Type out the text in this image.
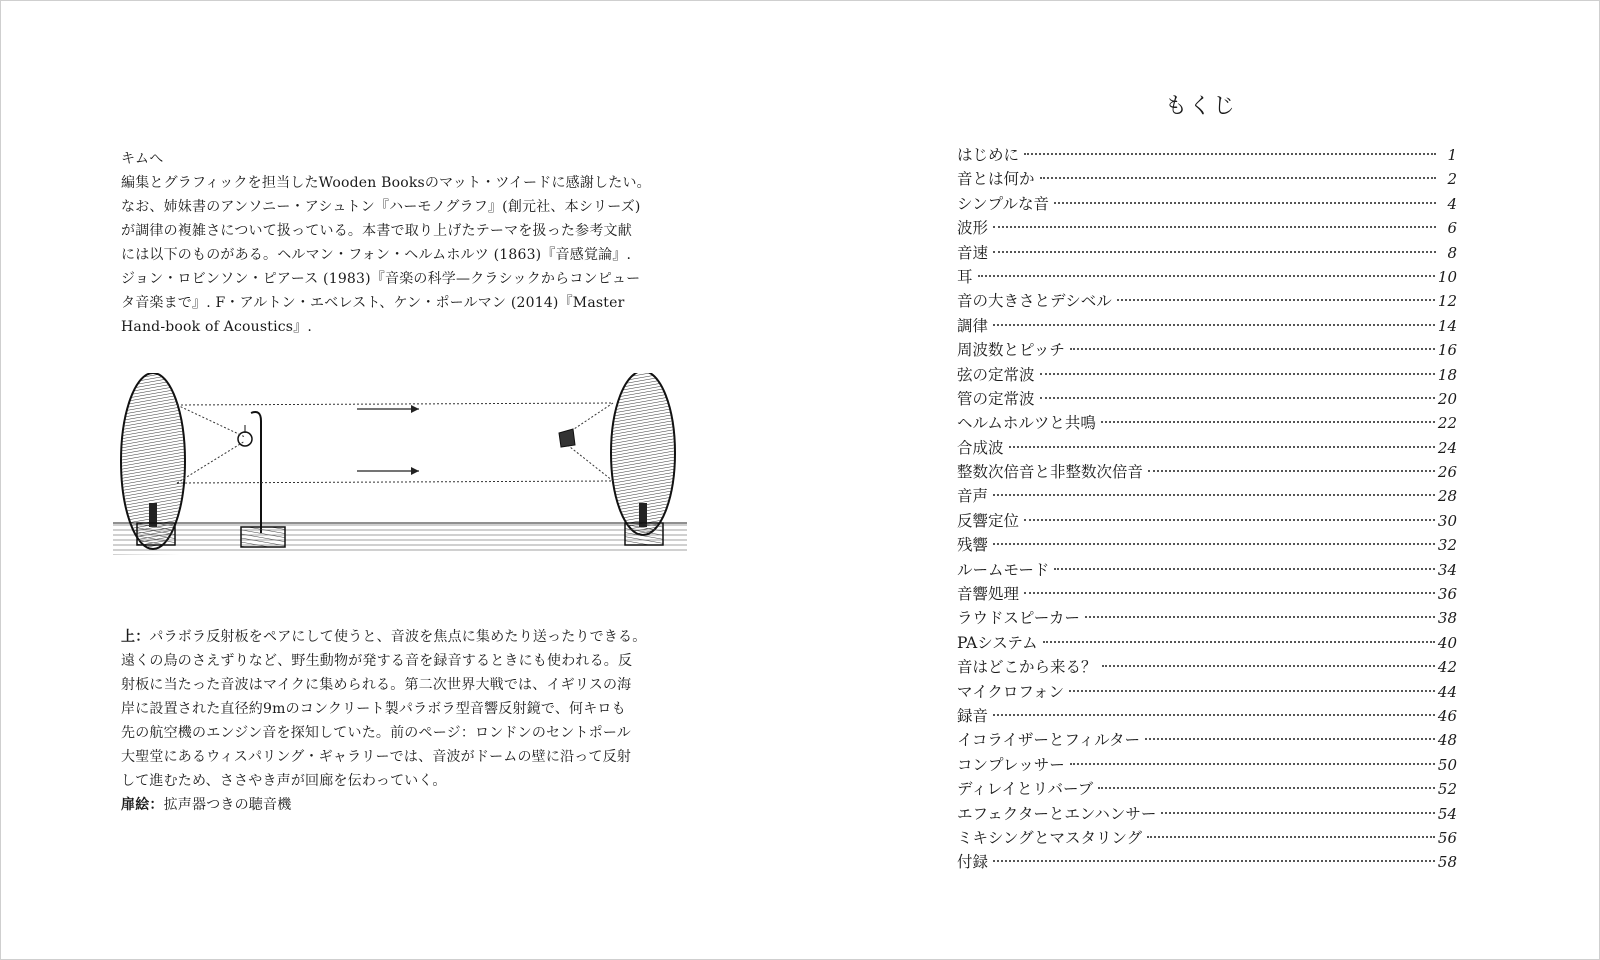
キムへ

編集とグラフィックを担当したWooden Booksのマット・ツイードに感謝したい。

なお、姉妹書のアンソニー・アシュトン『ハーモノグラフ』(創元社、本シリーズ)

が調律の複雑さについて扱っている。本書で取り上げたテーマを扱った参考文献

には以下のものがある。ヘルマン・フォン・ヘルムホルツ (1863)『音感覚論』.

ジョン・ロビンソン・ピアース (1983)『音楽の科学—クラシックからコンピュー

タ音楽まで』. F・アルトン・エベレスト、ケン・ポールマン (2014)『Master

Hand-book of Acoustics』.

上：パラボラ反射板をペアにして使うと、音波を焦点に集めたり送ったりできる。

遠くの鳥のさえずりなど、野生動物が発する音を録音するときにも使われる。反

射板に当たった音波はマイクに集められる。第二次世界大戦では、イギリスの海

岸に設置された直径約9mのコンクリート製パラボラ型音響反射鏡で、何キロも

先の航空機のエンジン音を探知していた。前のページ：ロンドンのセントポール

大聖堂にあるウィスパリング・ギャラリーでは、音波がドームの壁に沿って反射

して進むため、ささやき声が回廊を伝わっていく。

扉絵：拡声器つきの聴音機

もくじ
はじめに	1
音とは何か	2
シンプルな音	4
波形	6
音速	8
耳	10
音の大きさとデシベル	12
調律	14
周波数とピッチ	16
弦の定常波	18
管の定常波	20
ヘルムホルツと共鳴	22
合成波	24
整数次倍音と非整数次倍音	26
音声	28
反響定位	30
残響	32
ルームモード	34
音響処理	36
ラウドスピーカー	38
PAシステム	40
音はどこから来る？	42
マイクロフォン	44
録音	46
イコライザーとフィルター	48
コンプレッサー	50
ディレイとリバーブ	52
エフェクターとエンハンサー	54
ミキシングとマスタリング	56
付録	58
